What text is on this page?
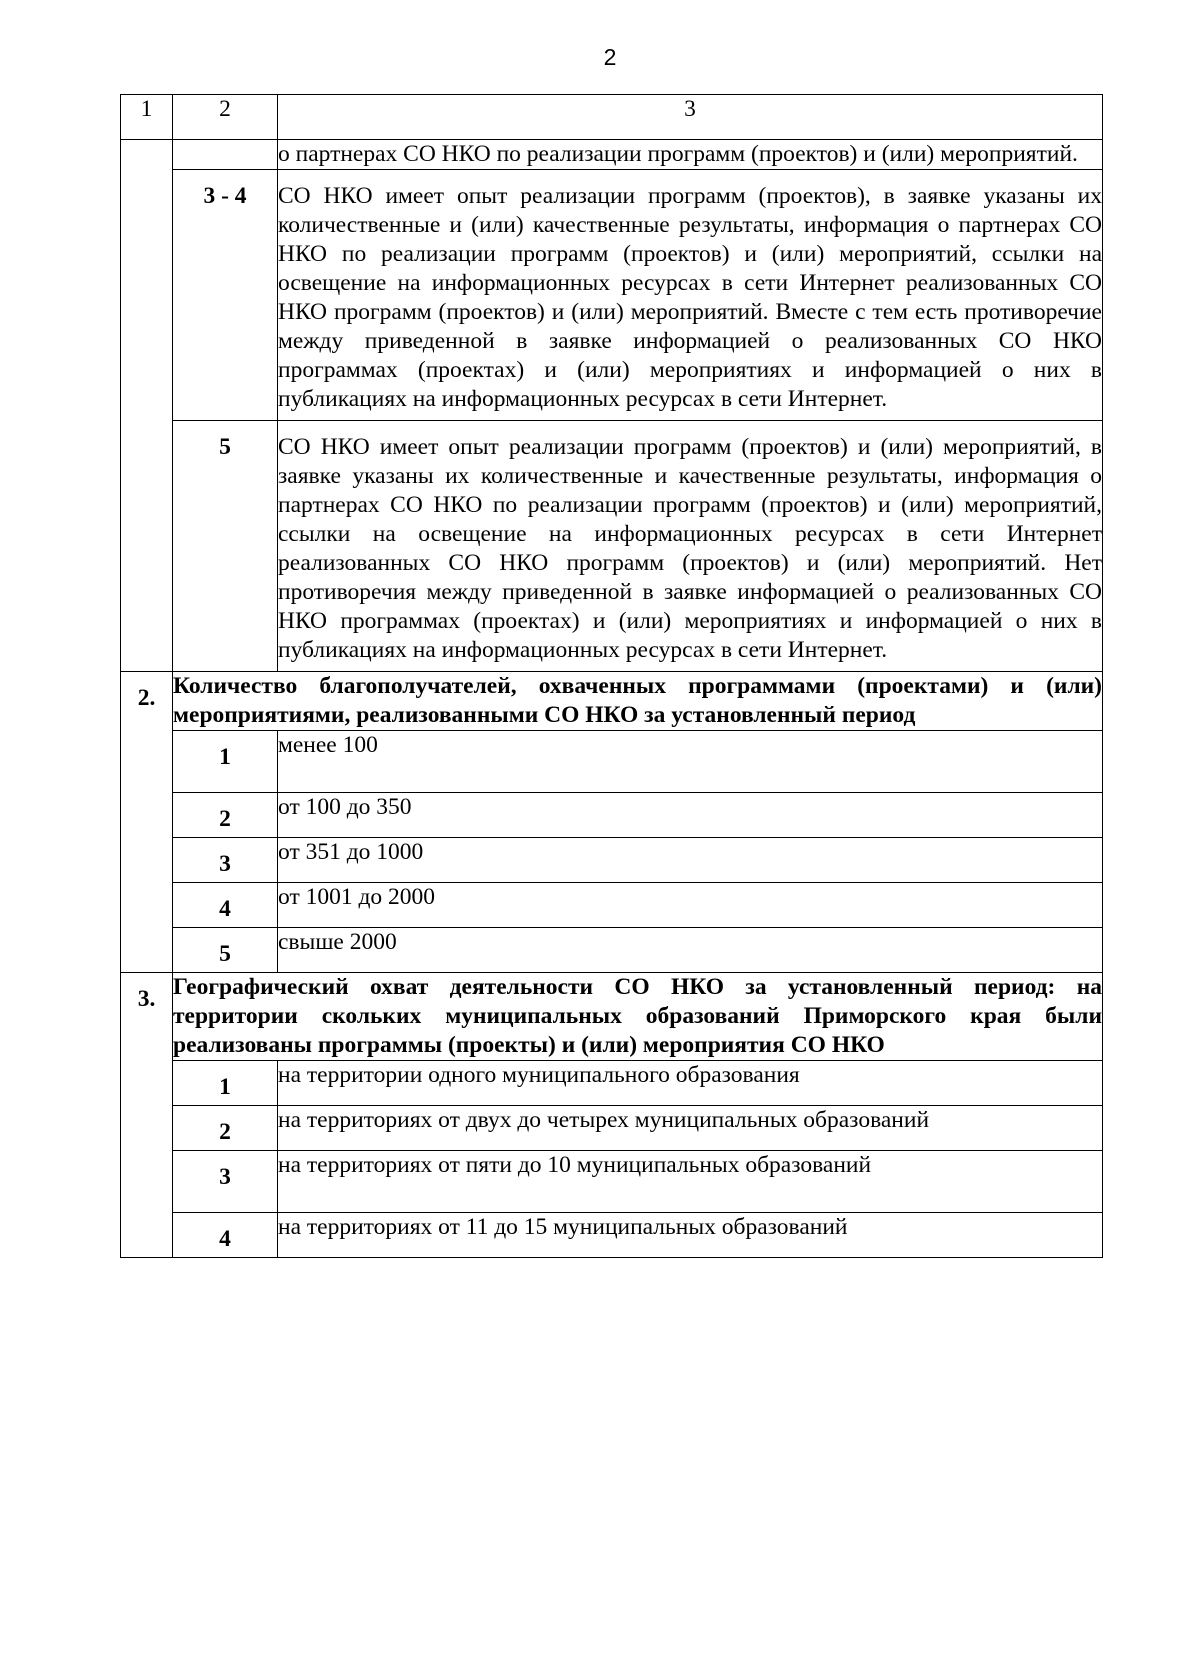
2
1	2	3
		о партнерах СО НКО по реализации программ (проектов) и (или) мероприятий.
	3 - 4	СО НКО имеет опыт реализации программ (проектов), в заявке указаны их количественные и (или) качественные результаты, информация о партнерах СО НКО по реализации программ (проектов) и (или) мероприятий, ссылки на освещение на информационных ресурсах в сети Интернет реализованных СО НКО программ (проектов) и (или) мероприятий. Вместе с тем есть противоречие между приведенной в заявке информацией о реализованных СО НКО программах (проектах) и (или) мероприятиях и информацией о них в публикациях на информационных ресурсах в сети Интернет.
	5	СО НКО имеет опыт реализации программ (проектов) и (или) мероприятий, в заявке указаны их количественные и качественные результаты, информация о партнерах СО НКО по реализации программ (проектов) и (или) мероприятий, ссылки на освещение на информационных ресурсах в сети Интернет реализованных СО НКО программ (проектов) и (или) мероприятий. Нет противоречия между приведенной в заявке информацией о реализованных СО НКО программах (проектах) и (или) мероприятиях и информацией о них в публикациях на информационных ресурсах в сети Интернет.
2.	Количество благополучателей, охваченных программами (проектами) и (или) мероприятиями, реализованными СО НКО за установленный период	
	1	менее 100
	2	от 100 до 350
	3	от 351 до 1000
	4	от 1001 до 2000
	5	свыше 2000
3.	Географический охват деятельности СО НКО за установленный период: на территории скольких муниципальных образований Приморского края были реализованы программы (проекты) и (или) мероприятия СО НКО	
	1	на территории одного муниципального образования
	2	на территориях от двух до четырех муниципальных образований
	3	на территориях от пяти до 10 муниципальных образований
	4	на территориях от 11 до 15 муниципальных образований
